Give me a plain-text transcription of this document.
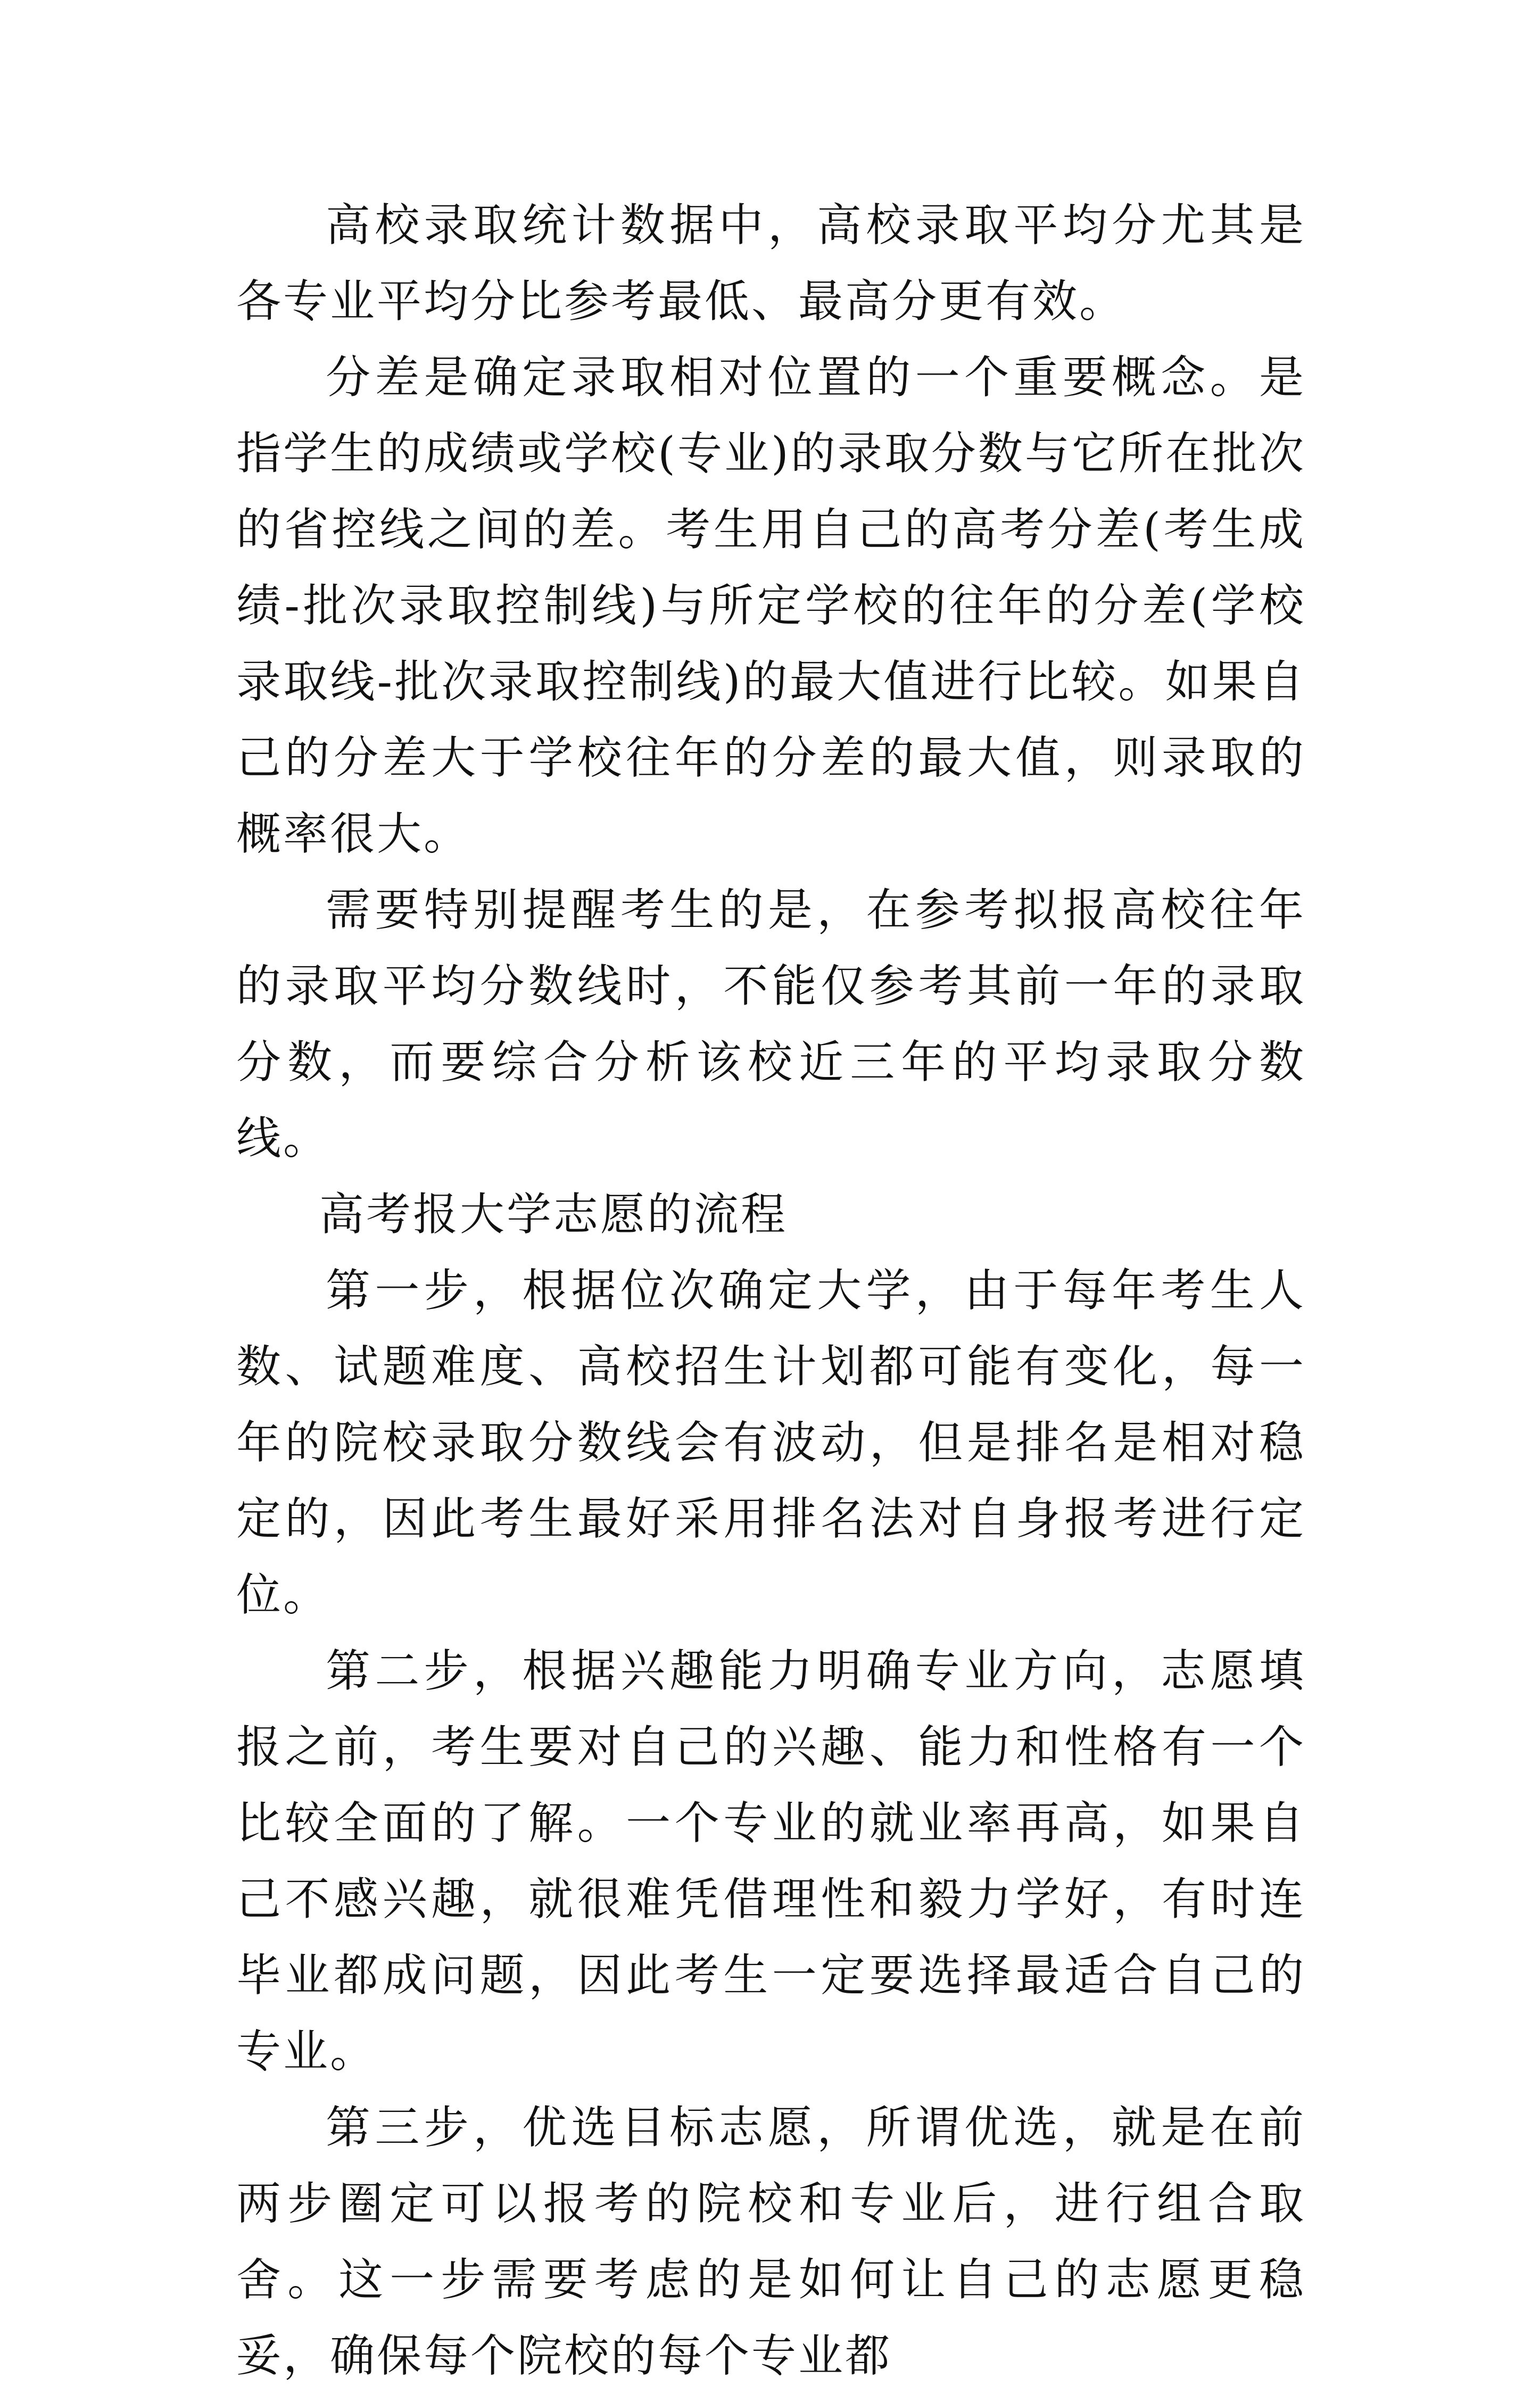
高校录取统计数据中，高校录取平均分尤其是各专业平均分比参考最低、最高分更有效。

分差是确定录取相对位置的一个重要概念。是指学生的成绩或学校(专业)的录取分数与它所在批次的省控线之间的差。考生用自己的高考分差(考生成绩-批次录取控制线)与所定学校的往年的分差(学校录取线-批次录取控制线)的最大值进行比较。如果自己的分差大于学校往年的分差的最大值，则录取的概率很大。

需要特别提醒考生的是，在参考拟报高校往年的录取平均分数线时，不能仅参考其前一年的录取分数，而要综合分析该校近三年的平均录取分数线。

高考报大学志愿的流程

第一步，根据位次确定大学，由于每年考生人数、试题难度、高校招生计划都可能有变化，每一年的院校录取分数线会有波动，但是排名是相对稳定的，因此考生最好采用排名法对自身报考进行定位。

第二步，根据兴趣能力明确专业方向，志愿填报之前，考生要对自己的兴趣、能力和性格有一个比较全面的了解。一个专业的就业率再高，如果自己不感兴趣，就很难凭借理性和毅力学好，有时连毕业都成问题，因此考生一定要选择最适合自己的专业。

第三步，优选目标志愿，所谓优选，就是在前两步圈定可以报考的院校和专业后，进行组合取舍。这一步需要考虑的是如何让自己的志愿更稳妥，确保每个院校的每个专业都
